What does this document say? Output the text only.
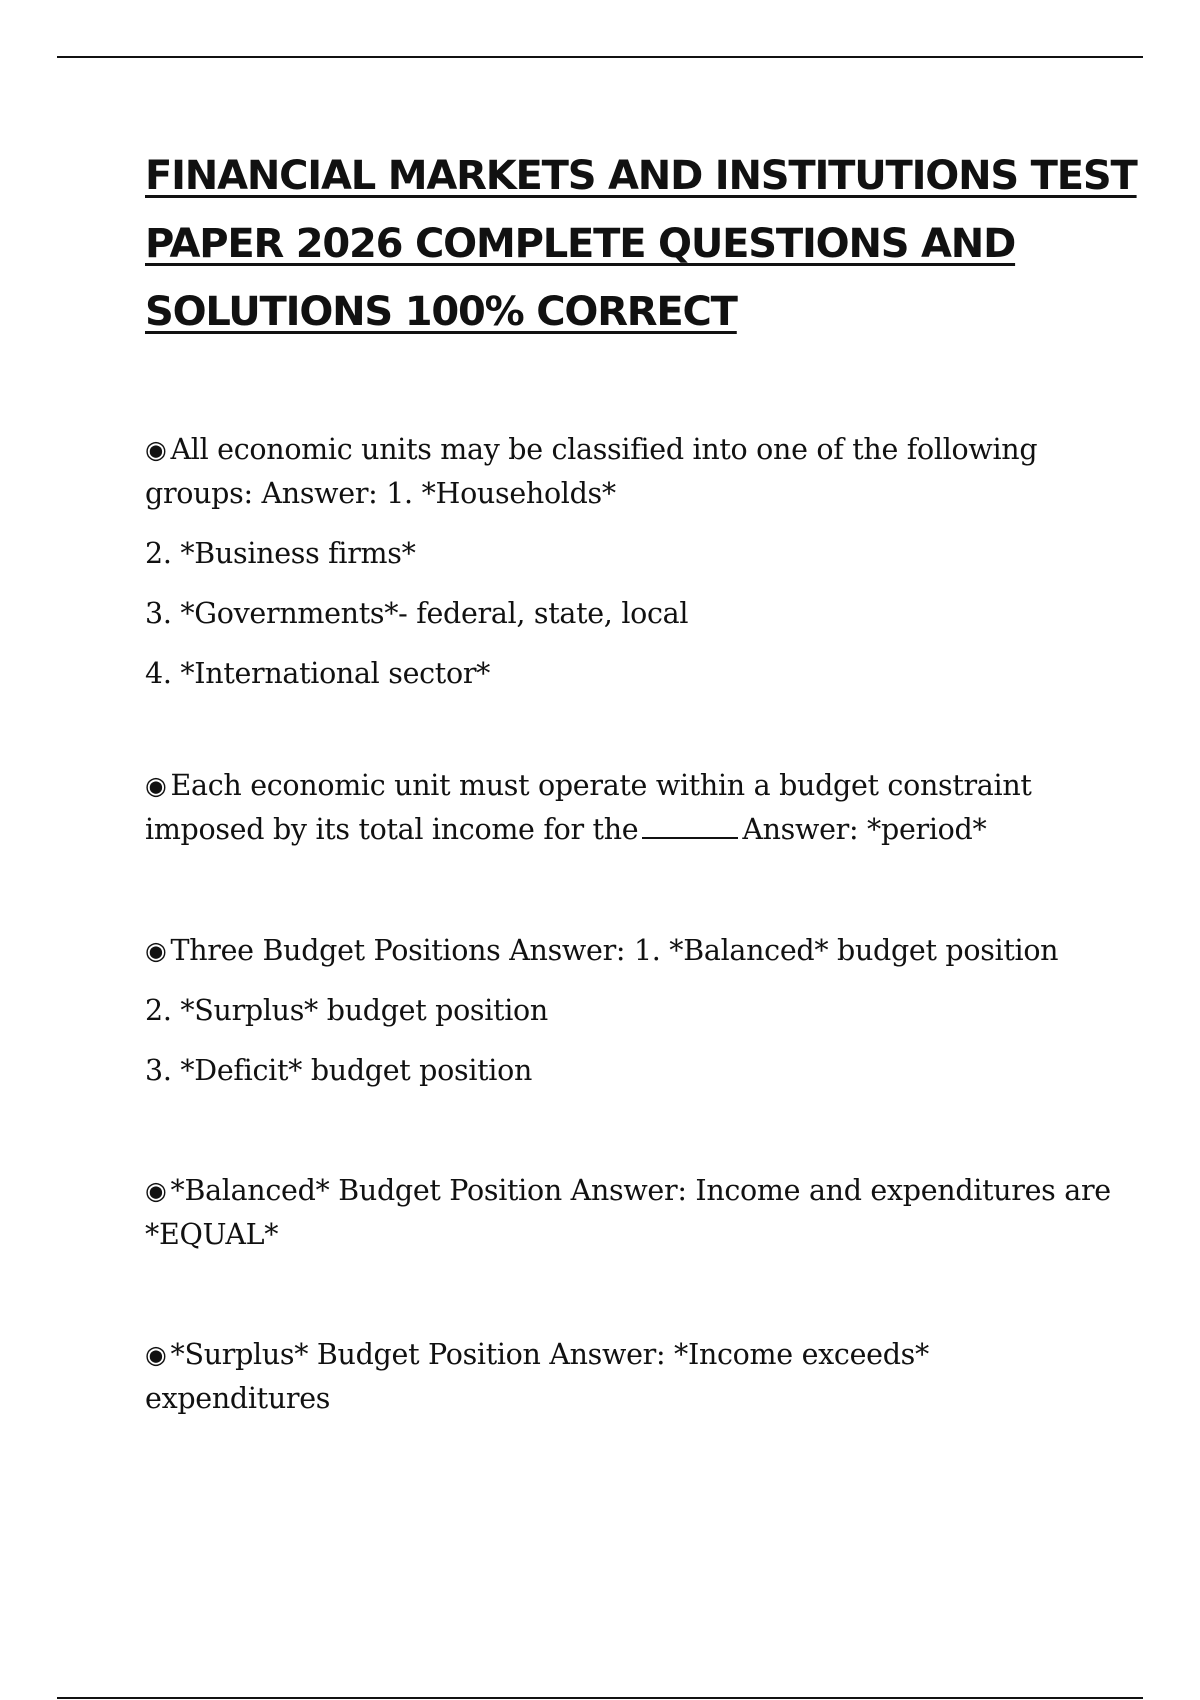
FINANCIAL MARKETS AND INSTITUTIONS TEST
PAPER 2026 COMPLETE QUESTIONS AND
SOLUTIONS 100% CORRECT
◉ All economic units may be classified into one of the following
groups: Answer: 1. *Households*
2. *Business firms*
3. *Governments*- federal, state, local
4. *International sector*
◉ Each economic unit must operate within a budget constraint
imposed by its total income for the	Answer: *period*
◉ Three Budget Positions Answer: 1. *Balanced* budget position
2. *Surplus* budget position
3. *Deficit* budget position
◉ *Balanced* Budget Position Answer: Income and expenditures are
*EQUAL*
◉ *Surplus* Budget Position Answer: *Income exceeds*
expenditures
